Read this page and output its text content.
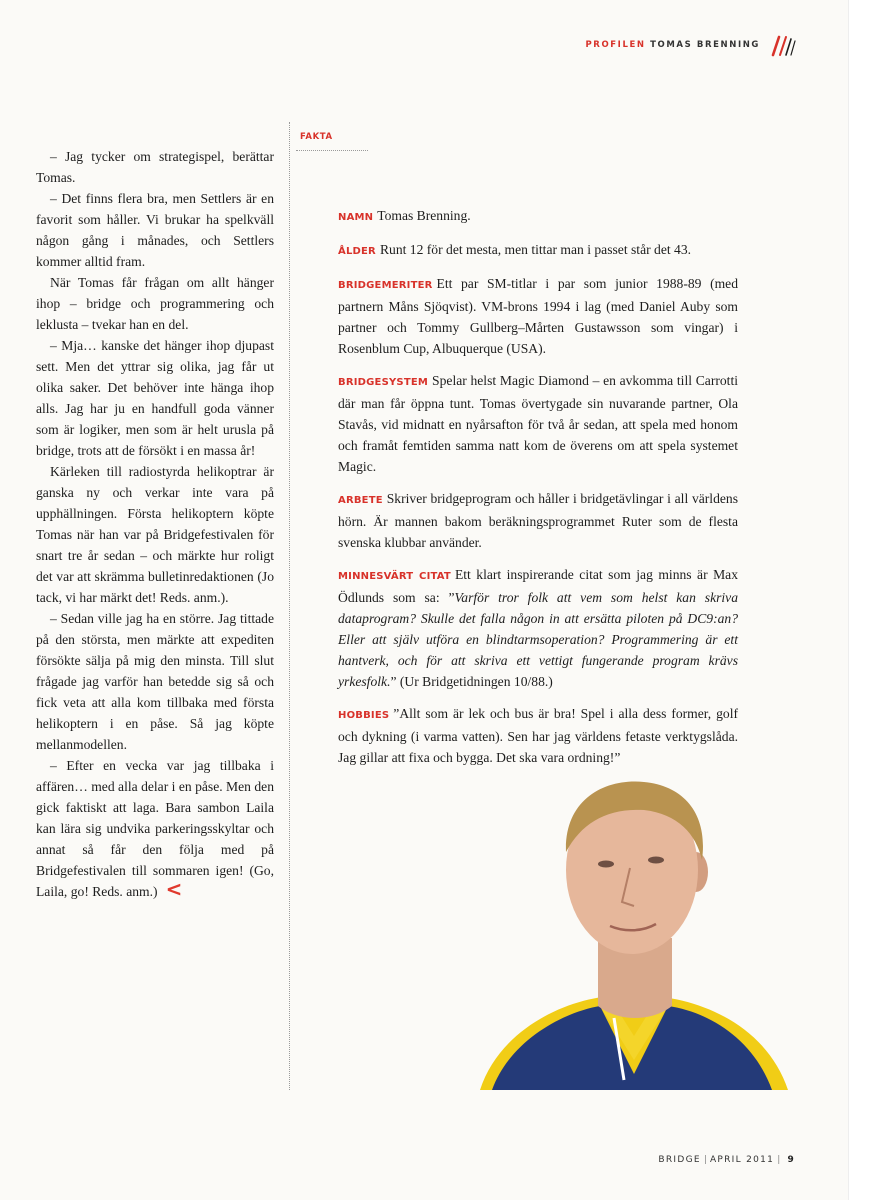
PROFILEN TOMAS BRENNING

– Jag tycker om strategispel, berättar Tomas.

– Det finns flera bra, men Settlers är en favorit som håller. Vi brukar ha spelkväll någon gång i månades, och Settlers kommer alltid fram.

När Tomas får frågan om allt hänger ihop – bridge och programmering och leklusta – tvekar han en del.

– Mja… kanske det hänger ihop djupast sett. Men det yttrar sig olika, jag får ut olika saker. Det behöver inte hänga ihop alls. Jag har ju en handfull goda vänner som är logiker, men som är helt urusla på bridge, trots att de försökt i en massa år!

Kärleken till radiostyrda helikoptrar är ganska ny och verkar inte vara på upphällningen. Första helikoptern köpte Tomas när han var på Bridgefestivalen för snart tre år sedan – och märkte hur roligt det var att skrämma bulletinredaktionen (Jo tack, vi har märkt det! Reds. anm.).

– Sedan ville jag ha en större. Jag tittade på den största, men märkte att expediten försökte sälja på mig den minsta. Till slut frågade jag varför han betedde sig så och fick veta att alla kom tillbaka med första helikoptern i en påse. Så jag köpte mellanmodellen.

– Efter en vecka var jag tillbaka i affären… med alla delar i en påse. Men den gick faktiskt att laga. Bara sambon Laila kan lära sig undvika parkeringsskyltar och annat så får den följa med på Bridgefestivalen till sommaren igen! (Go, Laila, go! Reds. anm.) <

FAKTA

NAMN Tomas Brenning.

ÅLDER Runt 12 för det mesta, men tittar man i passet står det 43.

BRIDGEMERITER Ett par SM-titlar i par som junior 1988-89 (med partnern Måns Sjöqvist). VM-brons 1994 i lag (med Daniel Auby som partner och Tommy Gullberg–Mårten Gustawsson som vingar) i Rosenblum Cup, Albuquerque (USA).

BRIDGESYSTEM Spelar helst Magic Diamond – en avkomma till Carrotti där man får öppna tunt. Tomas övertygade sin nuvarande partner, Ola Stavås, vid midnatt en nyårsafton för två år sedan, att spela med honom och framåt femtiden samma natt kom de överens om att spela systemet Magic.

ARBETE Skriver bridgeprogram och håller i bridgetävlingar i all världens hörn. Är mannen bakom beräkningsprogrammet Ruter som de flesta svenska klubbar använder.

MINNESVÄRT CITAT Ett klart inspirerande citat som jag minns är Max Ödlunds som sa: ”Varför tror folk att vem som helst kan skriva dataprogram? Skulle det falla någon in att ersätta piloten på DC9:an? Eller att själv utföra en blindtarmsoperation? Programmering är ett hantverk, och för att skriva ett vettigt fungerande program krävs yrkesfolk.” (Ur Bridgetidningen 10/88.)

HOBBIES ”Allt som är lek och bus är bra! Spel i alla dess former, golf och dykning (i varma vatten). Sen har jag världens fetaste verktygslåda. Jag gillar att fixa och bygga. Det ska vara ordning!”

BRIDGE | APRIL 2011 | 9
